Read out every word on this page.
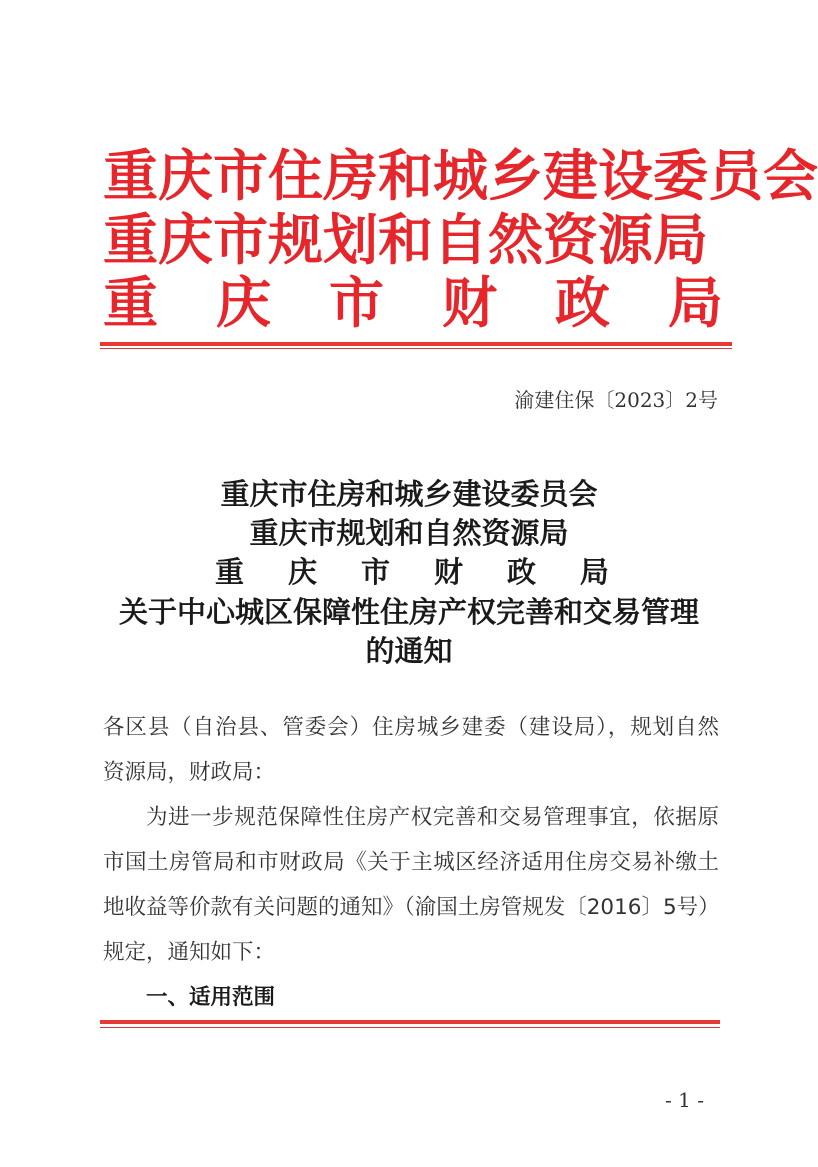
重庆市住房和城乡建设委员会
重庆市规划和自然资源局
重 庆 市 财 政 局
渝建住保〔2023〕2号
重庆市住房和城乡建设委员会
重庆市规划和自然资源局
重 庆 市 财 政 局
关于中心城区保障性住房产权完善和交易管理
的通知

各区县（自治县、管委会）住房城乡建委（建设局），规划自然

资源局，财政局：

为进一步规范保障性住房产权完善和交易管理事宜，依据原

市国土房管局和市财政局《关于主城区经济适用住房交易补缴土

地收益等价款有关问题的通知》（渝国土房管规发〔2016〕5号）

规定，通知如下：

一、适用范围

- 1 -
